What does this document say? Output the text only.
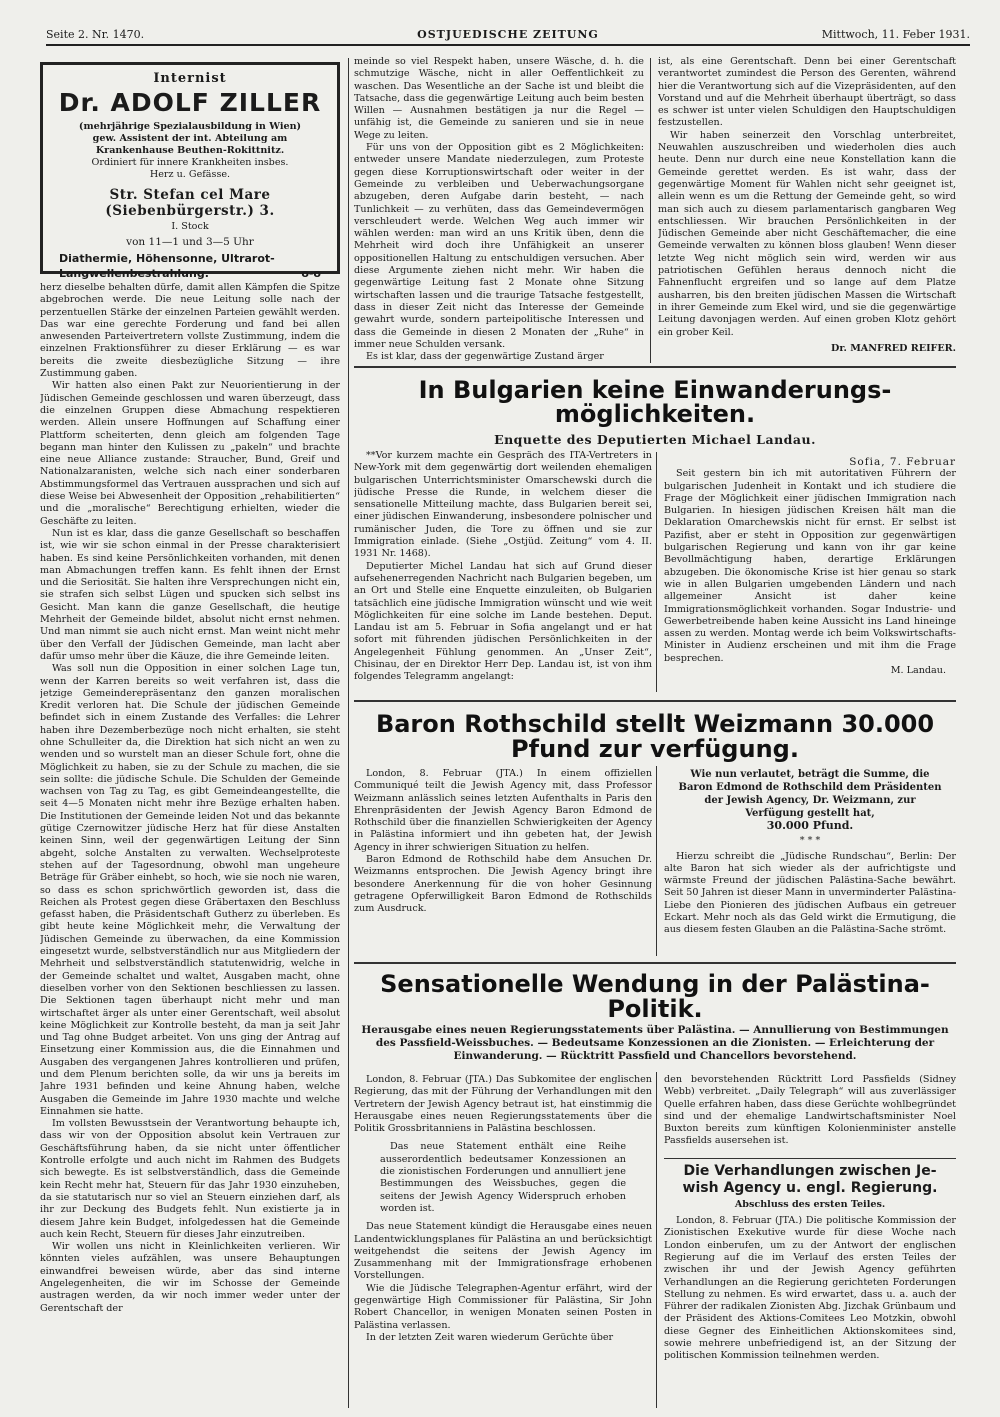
Seite 2. Nr. 1470.	OSTJUEDISCHE ZEITUNG	Mittwoch, 11. Feber 1931.
Internist
Dr. ADOLF ZILLER
(mehrjährige Spezialausbildung in Wien)
gew. Assistent der int. Abteilung am
Krankenhause Beuthen-Rokittnitz.
Ordiniert für innere Krankheiten insbes.
Herz u. Gefässe.
Str. Stefan cel Mare (Siebenbürgerstr.) 3.
I. Stock
von 11—1 und 3—5 Uhr
Diathermie, Höhensonne, Ultrarot-
Langwellenbestrahlung.	o-o

herz dieselbe behalten dürfe, damit allen Kämpfen die Spitze abgebrochen werde. Die neue Leitung solle nach der perzentuellen Stärke der einzelnen Parteien gewählt werden. Das war eine gerechte Forderung und fand bei allen anwesenden Parteivertretern vollste Zustimmung, indem die einzelnen Fraktionsführer zu dieser Erklärung — es war bereits die zweite diesbezügliche Sitzung — ihre Zustimmung gaben.

Wir hatten also einen Pakt zur Neuorientierung in der Jüdischen Gemeinde geschlossen und waren überzeugt, dass die einzelnen Gruppen diese Abmachung respektieren werden. Allein unsere Hoffnungen auf Schaffung einer Plattform scheiterten, denn gleich am folgenden Tage begann man hinter den Kulissen zu „pakeln“ und brachte eine neue Alliance zustande: Straucher, Bund, Greif und Nationalzaranisten, welche sich nach einer sonderbaren Abstimmungsformel das Vertrauen aussprachen und sich auf diese Weise bei Abwesenheit der Opposition „rehabilitierten“ und die „moralische“ Berechtigung erhielten, wieder die Geschäfte zu leiten.

Nun ist es klar, dass die ganze Gesellschaft so beschaffen ist, wie wir sie schon einmal in der Presse charakterisiert haben. Es sind keine Persönlichkeiten vorhanden, mit denen man Abmachungen treffen kann. Es fehlt ihnen der Ernst und die Seriosität. Sie halten ihre Versprechungen nicht ein, sie strafen sich selbst Lügen und spucken sich selbst ins Gesicht. Man kann die ganze Gesellschaft, die heutige Mehrheit der Gemeinde bildet, absolut nicht ernst nehmen. Und man nimmt sie auch nicht ernst. Man weint nicht mehr über den Verfall der Jüdischen Gemeinde, man lacht aber dafür umso mehr über die Käuze, die ihre Gemeinde leiten.

Was soll nun die Opposition in einer solchen Lage tun, wenn der Karren bereits so weit verfahren ist, dass die jetzige Gemeinderepräsentanz den ganzen moralischen Kredit verloren hat. Die Schule der jüdischen Gemeinde befindet sich in einem Zustande des Verfalles: die Lehrer haben ihre Dezemberbezüge noch nicht erhalten, sie steht ohne Schulleiter da, die Direktion hat sich nicht an wen zu wenden und so wurstelt man an dieser Schule fort, ohne die Möglichkeit zu haben, sie zu der Schule zu machen, die sie sein sollte: die jüdische Schule. Die Schulden der Gemeinde wachsen von Tag zu Tag, es gibt Gemeindeangestellte, die seit 4—5 Monaten nicht mehr ihre Bezüge erhalten haben. Die Institutionen der Gemeinde leiden Not und das bekannte gütige Czernowitzer jüdische Herz hat für diese Anstalten keinen Sinn, weil der gegenwärtigen Leitung der Sinn abgeht, solche Anstalten zu verwalten. Wechselproteste stehen auf der Tagesordnung, obwohl man ungeheure Beträge für Gräber einhebt, so hoch, wie sie noch nie waren, so dass es schon sprichwörtlich geworden ist, dass die Reichen als Protest gegen diese Gräbertaxen den Beschluss gefasst haben, die Präsidentschaft Gutherz zu überleben. Es gibt heute keine Möglichkeit mehr, die Verwaltung der Jüdischen Gemeinde zu überwachen, da eine Kommission eingesetzt wurde, selbstverständlich nur aus Mitgliedern der Mehrheit und selbstverständlich statutenwidrig, welche in der Gemeinde schaltet und waltet, Ausgaben macht, ohne dieselben vorher von den Sektionen beschliessen zu lassen. Die Sektionen tagen überhaupt nicht mehr und man wirtschaftet ärger als unter einer Gerentschaft, weil absolut keine Möglichkeit zur Kontrolle besteht, da man ja seit Jahr und Tag ohne Budget arbeitet. Von uns ging der Antrag auf Einsetzung einer Kommission aus, die die Einnahmen und Ausgaben des vergangenen Jahres kontrollieren und prüfen, und dem Plenum berichten solle, da wir uns ja bereits im Jahre 1931 befinden und keine Ahnung haben, welche Ausgaben die Gemeinde im Jahre 1930 machte und welche Einnahmen sie hatte.

Im vollsten Bewusstsein der Verantwortung behaupte ich, dass wir von der Opposition absolut kein Vertrauen zur Geschäftsführung haben, da sie nicht unter öffentlicher Kontrolle erfolgte und auch nicht im Rahmen des Budgets sich bewegte. Es ist selbstverständlich, dass die Gemeinde kein Recht mehr hat, Steuern für das Jahr 1930 einzuheben, da sie statutarisch nur so viel an Steuern einziehen darf, als ihr zur Deckung des Budgets fehlt. Nun existierte ja in diesem Jahre kein Budget, infolgedessen hat die Gemeinde auch kein Recht, Steuern für dieses Jahr einzutreiben.

Wir wollen uns nicht in Kleinlichkeiten verlieren. Wir könnten vieles aufzählen, was unsere Behauptungen einwandfrei beweisen würde, aber das sind interne Angelegenheiten, die wir im Schosse der Gemeinde austragen werden, da wir noch immer weder unter der Gerentschaft der

meinde so viel Respekt haben, unsere Wäsche, d. h. die schmutzige Wäsche, nicht in aller Oeffentlichkeit zu waschen. Das Wesentliche an der Sache ist und bleibt die Tatsache, dass die gegenwärtige Leitung auch beim besten Willen — Ausnahmen bestätigen ja nur die Regel — unfähig ist, die Gemeinde zu sanieren und sie in neue Wege zu leiten.

Für uns von der Opposition gibt es 2 Möglichkeiten: entweder unsere Mandate niederzulegen, zum Proteste gegen diese Korruptionswirtschaft oder weiter in der Gemeinde zu verbleiben und Ueberwachungsorgane abzugeben, deren Aufgabe darin besteht, — nach Tunlichkeit — zu verhüten, dass das Gemeindevermögen verschleudert werde. Welchen Weg auch immer wir wählen werden: man wird an uns Kritik üben, denn die Mehrheit wird doch ihre Unfähigkeit an unserer oppositionellen Haltung zu entschuldigen versuchen. Aber diese Argumente ziehen nicht mehr. Wir haben die gegenwärtige Leitung fast 2 Monate ohne Sitzung wirtschaften lassen und die traurige Tatsache festgestellt, dass in dieser Zeit nicht das Interesse der Gemeinde gewahrt wurde, sondern parteipolitische Interessen und dass die Gemeinde in diesen 2 Monaten der „Ruhe“ in immer neue Schulden versank.

Es ist klar, dass der gegenwärtige Zustand ärger

ist, als eine Gerentschaft. Denn bei einer Gerentschaft verantwortet zumindest die Person des Gerenten, während hier die Verantwortung sich auf die Vizepräsidenten, auf den Vorstand und auf die Mehrheit überhaupt überträgt, so dass es schwer ist unter vielen Schuldigen den Hauptschuldigen festzustellen.

Wir haben seinerzeit den Vorschlag unterbreitet, Neuwahlen auszuschreiben und wiederholen dies auch heute. Denn nur durch eine neue Konstellation kann die Gemeinde gerettet werden. Es ist wahr, dass der gegenwärtige Moment für Wahlen nicht sehr geeignet ist, allein wenn es um die Rettung der Gemeinde geht, so wird man sich auch zu diesem parlamentarisch gangbaren Weg entschliessen. Wir brauchen Persönlichkeiten in der Jüdischen Gemeinde aber nicht Geschäftemacher, die eine Gemeinde verwalten zu können bloss glauben! Wenn dieser letzte Weg nicht möglich sein wird, werden wir aus patriotischen Gefühlen heraus dennoch nicht die Fahnenflucht ergreifen und so lange auf dem Platze ausharren, bis den breiten jüdischen Massen die Wirtschaft in ihrer Gemeinde zum Ekel wird, und sie die gegenwärtige Leitung davonjagen werden. Auf einen groben Klotz gehört ein grober Keil.

Dr. MANFRED REIFER.

In Bulgarien keine Einwanderungs-
möglichkeiten.
Enquette des Deputierten Michael Landau.

**Vor kurzem machte ein Gespräch des ITA-Vertreters in New-York mit dem gegenwärtig dort weilenden ehemaligen bulgarischen Unterrichtsminister Omarschewski durch die jüdische Presse die Runde, in welchem dieser die sensationelle Mitteilung machte, dass Bulgarien bereit sei, einer jüdischen Einwanderung, insbesondere polnischer und rumänischer Juden, die Tore zu öffnen und sie zur Immigration einlade. (Siehe „Ostjüd. Zeitung“ vom 4. II. 1931 Nr. 1468).

Deputierter Michel Landau hat sich auf Grund dieser aufsehenerregenden Nachricht nach Bulgarien begeben, um an Ort und Stelle eine Enquette einzuleiten, ob Bulgarien tatsächlich eine jüdische Immigration wünscht und wie weit Möglichkeiten für eine solche im Lande bestehen. Deput. Landau ist am 5. Februar in Sofia angelangt und er hat sofort mit führenden jüdischen Persönlichkeiten in der Angelegenheit Fühlung genommen. An „Unser Zeit“, Chisinau, der en Direktor Herr Dep. Landau ist, ist von ihm folgendes Telegramm angelangt:

Sofia, 7. Februar

Seit gestern bin ich mit autoritativen Führern der bulgarischen Judenheit in Kontakt und ich studiere die Frage der Möglichkeit einer jüdischen Immigration nach Bulgarien. In hiesigen jüdischen Kreisen hält man die Deklaration Omarchewskis nicht für ernst. Er selbst ist Pazifist, aber er steht in Opposition zur gegenwärtigen bulgarischen Regierung und kann von ihr gar keine Bevollmächtigung haben, derartige Erklärungen abzugeben. Die ökonomische Krise ist hier genau so stark wie in allen Bulgarien umgebenden Ländern und nach allgemeiner Ansicht ist daher keine Immigrationsmöglichkeit vorhanden. Sogar Industrie- und Gewerbetreibende haben keine Aussicht ins Land hineinge assen zu werden. Montag werde ich beim Volkswirtschafts-Minister in Audienz erscheinen und mit ihm die Frage besprechen.

M. Landau.

Baron Rothschild stellt Weizmann 30.000
Pfund zur verfügung.

London, 8. Februar (JTA.) In einem offiziellen Communiqué teilt die Jewish Agency mit, dass Professor Weizmann anlässlich seines letzten Aufenthalts in Paris den Ehrenpräsidenten der Jewish Agency Baron Edmond de Rothschild über die finanziellen Schwierigkeiten der Agency in Palästina informiert und ihn gebeten hat, der Jewish Agency in ihrer schwierigen Situation zu helfen.

Baron Edmond de Rothschild habe dem Ansuchen Dr. Weizmanns entsprochen. Die Jewish Agency bringt ihre besondere Anerkennung für die von hoher Gesinnung getragene Opferwilligkeit Baron Edmond de Rothschilds zum Ausdruck.

Wie nun verlautet, beträgt die Summe, die Baron Edmond de Rothschild dem Präsidenten der Jewish Agency, Dr. Weizmann, zur Verfügung gestellt hat,

30.000 Pfund.

* * *

Hierzu schreibt die „Jüdische Rundschau“, Berlin: Der alte Baron hat sich wieder als der aufrichtigste und wärmste Freund der jüdischen Palästina-Sache bewährt. Seit 50 Jahren ist dieser Mann in unverminderter Palästina-Liebe den Pionieren des jüdischen Aufbaus ein getreuer Eckart. Mehr noch als das Geld wirkt die Ermutigung, die aus diesem festen Glauben an die Palästina-Sache strömt.

Sensationelle Wendung in der Palästina-
Politik.
Herausgabe eines neuen Regierungsstatements über Palästina. — Annullierung von Bestimmungen des Passfield-Weissbuches. — Bedeutsame Konzessionen an die Zionisten. — Erleichterung der Einwanderung. — Rücktritt Passfield und Chancellors bevorstehend.

London, 8. Februar (JTA.) Das Subkomitee der englischen Regierung, das mit der Führung der Verhandlungen mit den Vertretern der Jewish Agency betraut ist, hat einstimmig die Herausgabe eines neuen Regierungsstatements über die Politik Grossbritanniens in Palästina beschlossen.

Das neue Statement enthält eine Reihe ausserordentlich bedeutsamer Konzessionen an die zionistischen Forderungen und annulliert jene Bestimmungen des Weissbuches, gegen die seitens der Jewish Agency Widerspruch erhoben worden ist.

Das neue Statement kündigt die Herausgabe eines neuen Landentwicklungsplanes für Palästina an und berücksichtigt weitgehendst die seitens der Jewish Agency im Zusammenhang mit der Immigrationsfrage erhobenen Vorstellungen.

Wie die Jüdische Telegraphen-Agentur erfährt, wird der gegenwärtige High Commissioner für Palästina, Sir John Robert Chancellor, in wenigen Monaten seinen Posten in Palästina verlassen.

In der letzten Zeit waren wiederum Gerüchte über

den bevorstehenden Rücktritt Lord Passfields (Sidney Webb) verbreitet. „Daily Telegraph“ will aus zuverlässiger Quelle erfahren haben, dass diese Gerüchte wohlbegründet sind und der ehemalige Landwirtschaftsminister Noel Buxton bereits zum künftigen Kolonienminister anstelle Passfields ausersehen ist.

Die Verhandlungen zwischen Je-
wish Agency u. engl. Regierung.

Abschluss des ersten Teiles.

London, 8. Februar (JTA.) Die politische Kommission der Zionistischen Exekutive wurde für diese Woche nach London einberufen, um zu der Antwort der englischen Regierung auf die im Verlauf des ersten Teiles der zwischen ihr und der Jewish Agency geführten Verhandlungen an die Regierung gerichteten Forderungen Stellung zu nehmen. Es wird erwartet, dass u. a. auch der Führer der radikalen Zionisten Abg. Jizchak Grünbaum und der Präsident des Aktions-Comitees Leo Motzkin, obwohl diese Gegner des Einheitlichen Aktionskomitees sind, sowie mehrere unbefriedigend ist, an der Sitzung der politischen Kommission teilnehmen werden.
